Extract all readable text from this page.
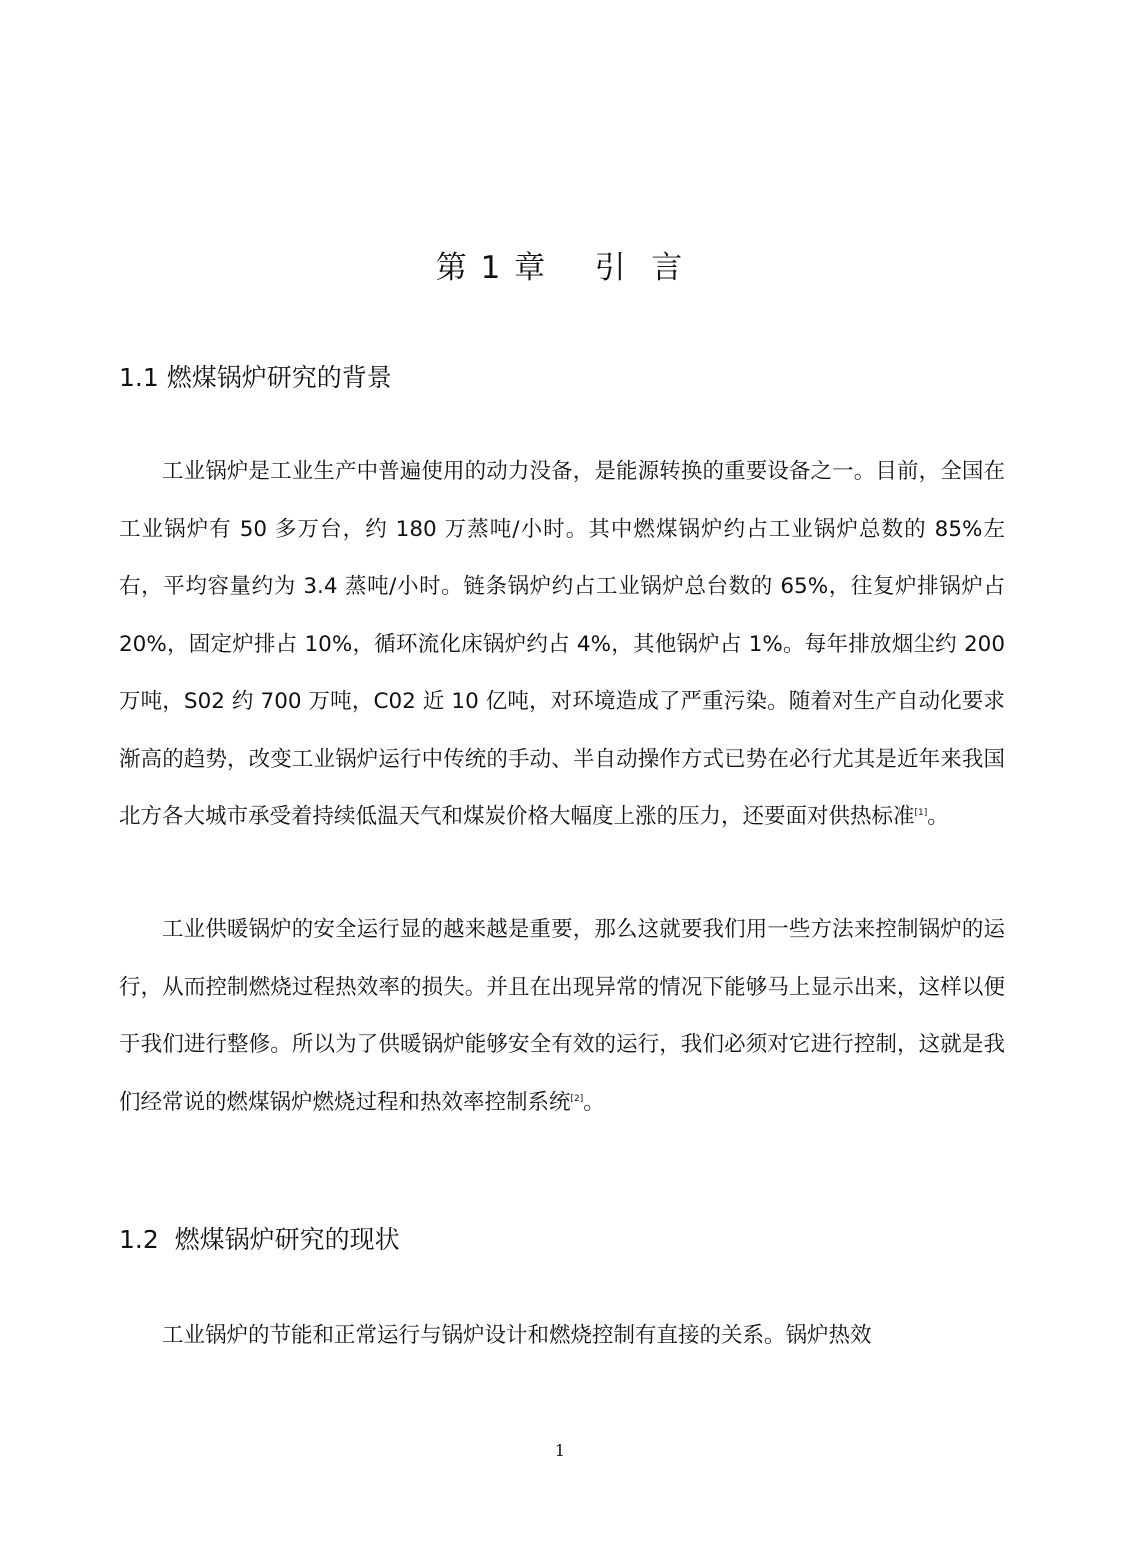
第 1 章    引  言
1.1 燃煤锅炉研究的背景

工业锅炉是工业生产中普遍使用的动力没备，是能源转换的重要设备之一。目前，全国在工业锅炉有 50 多万台，约 180 万蒸吨/小时。其中燃煤锅炉约占工业锅炉总数的 85%左右，平均容量约为 3.4 蒸吨/小时。链条锅炉约占工业锅炉总台数的 65%，往复炉排锅炉占 20%，固定炉排占 10%，循环流化床锅炉约占 4%，其他锅炉占 1%。每年排放烟尘约 200 万吨，S02 约 700 万吨，C02 近 10 亿吨，对环境造成了严重污染。随着对生产自动化要求渐高的趋势，改变工业锅炉运行中传统的手动、半自动操作方式已势在必行尤其是近年来我国北方各大城市承受着持续低温天气和煤炭价格大幅度上涨的压力，还要面对供热标准[1]。

工业供暖锅炉的安全运行显的越来越是重要，那么这就要我们用一些方法来控制锅炉的运行，从而控制燃烧过程热效率的损失。并且在出现异常的情况下能够马上显示出来，这样以便于我们进行整修。所以为了供暖锅炉能够安全有效的运行，我们必须对它进行控制，这就是我们经常说的燃煤锅炉燃烧过程和热效率控制系统[2]。

1.2  燃煤锅炉研究的现状

工业锅炉的节能和正常运行与锅炉设计和燃烧控制有直接的关系。锅炉热效

1
